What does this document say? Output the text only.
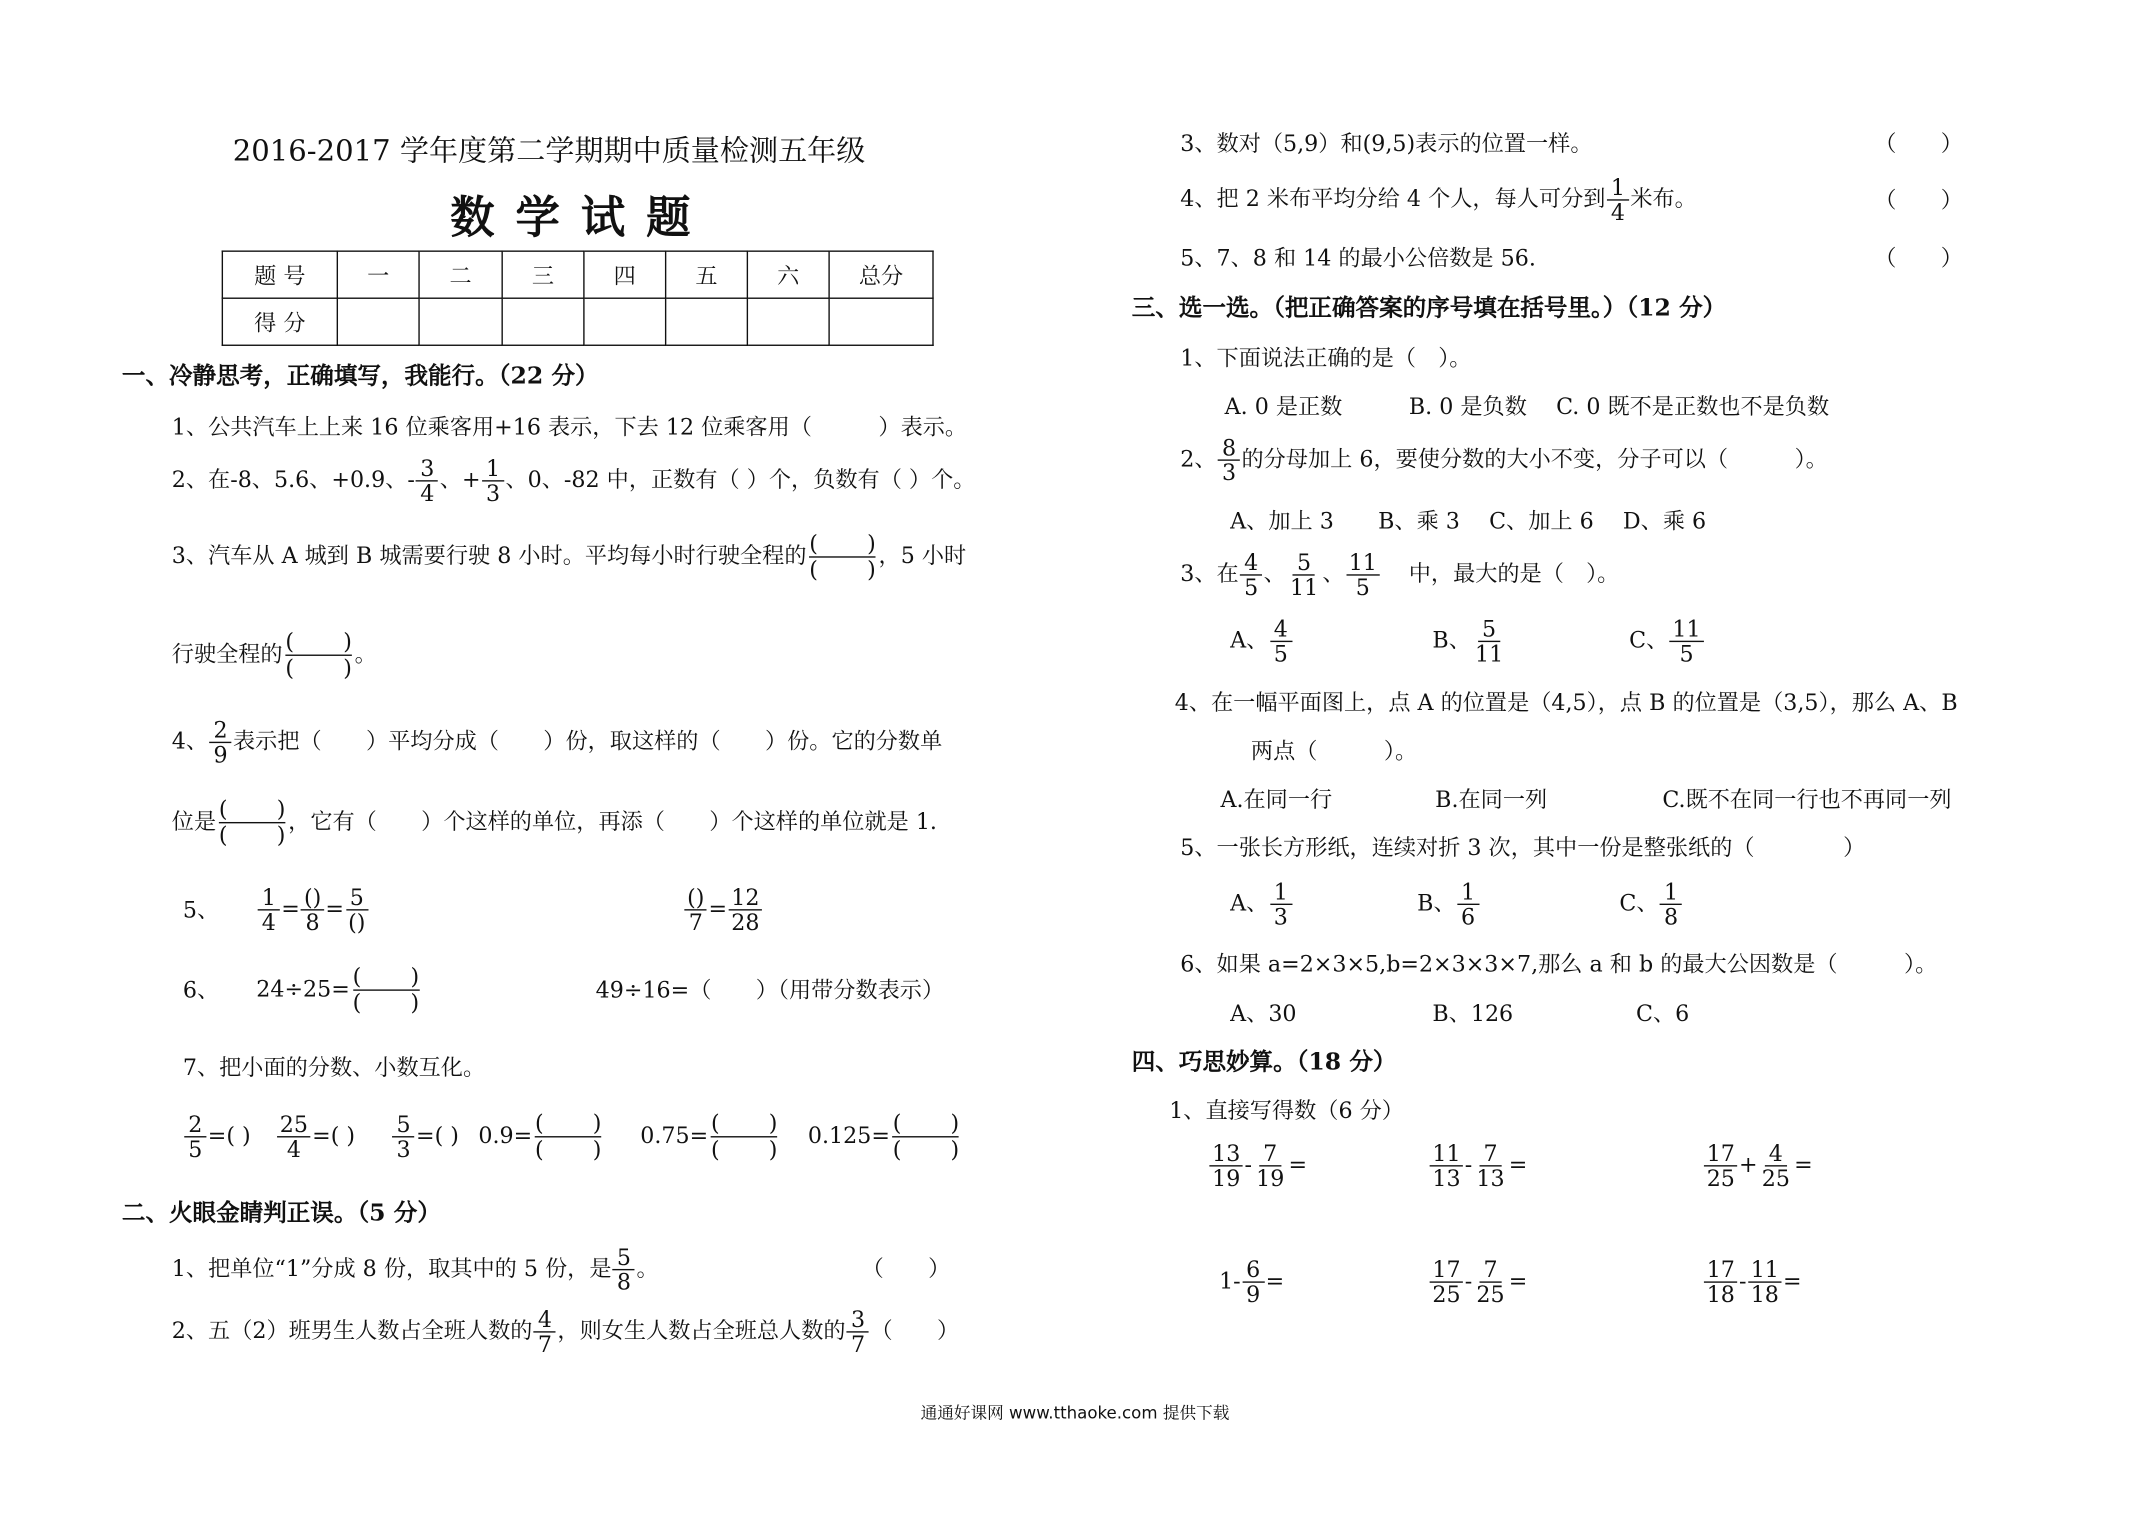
2016-2017 学年度第二学期期中质量检测五年级
数 学 试 题
题 号	一	二	三	四	五	六	总分
得 分							
一、冷静思考，正确填写，我能行。（22 分）
1、公共汽车上上来 16 位乘客用+16 表示，下去 12 位乘客用（　　　）表示。
2、在-8、5.6、+0.9、- $\frac{3}{4}$ 、+ $\frac{1}{3}$ 、0、-82 中，正数有（ ）个，负数有（ ）个。
3、汽车从 A 城到 B 城需要行驶 8 小时。平均每小时行驶全程的 (	)
(	)
，5 小时
行驶全程的 (	)
(	)
。
4、 $\frac{2}{9}$ 表示把（　　）平均分成（　　）份，取这样的（　　）份。它的分数单
位是 (	)
(	)
，它有（　　）个这样的单位，再添（　　）个这样的单位就是 1.
5、 $\frac{1}{4}$ = ()
8
= 5
()
()
7
= $\frac{12}{28}$
6、 24÷25= (	)
(	)	49÷16=（　　）（用带分数表示）
7、把小面的分数、小数互化。
$\frac{2}{5}$ =( ) $\frac{25}{4}$ =( ) $\frac{5}{3}$ =( ) 0.9= (	)
(	)
0.75= (	)
(	)
0.125= (	)
(	)
二、火眼金睛判正误。（5 分）
1、把单位“1”分成 8 份，取其中的 5 份，是 $\frac{5}{8}$ 。	（　　）
2、五（2）班男生人数占全班人数的 $\frac{4}{7}$ ，则女生人数占全班总人数的 $\frac{3}{7}$ （　　）
3、数对（5,9）和(9,5)表示的位置一样。	（　　）
4、把 2 米布平均分给 4 个人，每人可分到 $\frac{1}{4}$ 米布。	（　　）
5、7、8 和 14 的最小公倍数是 56.	（　　）
三、选一选。（把正确答案的序号填在括号里。）（12 分）
1、下面说法正确的是（　）。
A. 0 是正数　　　B. 0 是负数　 C. 0 既不是正数也不是负数
2、 $\frac{8}{3}$ 的分母加上 6，要使分数的大小不变，分子可以（　　　）。
A、加上 3　　B、乘 3　 C、加上 6　 D、乘 6
3、在 $\frac{4}{5}$ 、 $\frac{5}{11}$ 、 $\frac{11}{5}$ 中，最大的是（　）。
A、 $\frac{4}{5}$	B、 $\frac{5}{11}$	C、 $\frac{11}{5}$
4、在一幅平面图上，点 A 的位置是（4,5），点 B 的位置是（3,5），那么 A、B
两点（　　　）。
A.在同一行	B.在同一列	C.既不在同一行也不再同一列
5、一张长方形纸，连续对折 3 次，其中一份是整张纸的（　　　　）
A、 $\frac{1}{3}$	B、 $\frac{1}{6}$	C、 $\frac{1}{8}$
6、如果 a=2×3×5,b=2×3×3×7,那么 a 和 b 的最大公因数是（　　　）。
A、30	B、126	C、6
四、巧思妙算。（18 分）
1、直接写得数（6 分）
$\frac{13}{19} - \frac{7}{19}$ =	$\frac{11}{13} - \frac{7}{13}$ =	$\frac{17}{25} + \frac{4}{25}$ =
$1- \frac{6}{9}$ =	$\frac{17}{25} - \frac{7}{25}$ =	$\frac{17}{18} - \frac{11}{18}$ =
通通好课网 www.tthaoke.com 提供下载
